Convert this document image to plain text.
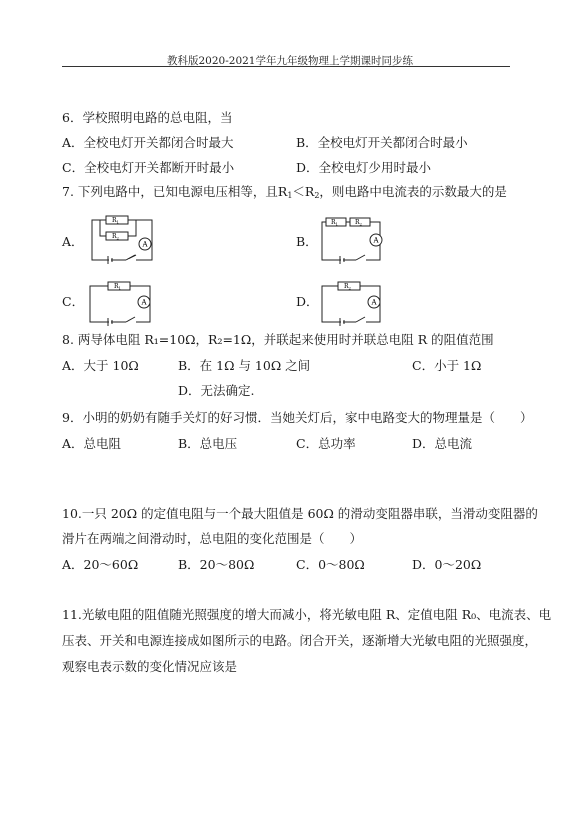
教科版2020-2021学年九年级物理上学期课时同步练
6．学校照明电路的总电阻，当
A．全校电灯开关都闭合时最大	B．全校电灯开关都闭合时最小
C．全校电灯开关都断开时最小	D．全校电灯少用时最小
7. 下列电路中，已知电源电压相等，且$R_1<R_2$，则电路中电流表的示数最大的是
A．	B．
C．	D．
$R_1$
$R_2$
A
$R_1$	$R_2$
A
$R_1$
A
$R_2$
A
8. 两导体电阻 R₁=10Ω，R₂=1Ω，并联起来使用时并联总电阻 R 的阻值范围
A．大于 10Ω	B．在 1Ω 与 10Ω 之间	C．小于 1Ω
D．无法确定.
9．小明的奶奶有随手关灯的好习惯．当她关灯后，家中电路变大的物理量是（　　）
A．总电阻	B．总电压	C．总功率	D．总电流
10.一只 20Ω 的定值电阻与一个最大阻值是 60Ω 的滑动变阻器串联，当滑动变阻器的
滑片在两端之间滑动时，总电阻的变化范围是（　　）
A．20～60Ω	B．20～80Ω	C．0～80Ω	D．0～20Ω
11.光敏电阻的阻值随光照强度的增大而减小，将光敏电阻 R、定值电阻 R₀、电流表、电
压表、开关和电源连接成如图所示的电路。闭合开关，逐渐增大光敏电阻的光照强度，
观察电表示数的变化情况应该是
